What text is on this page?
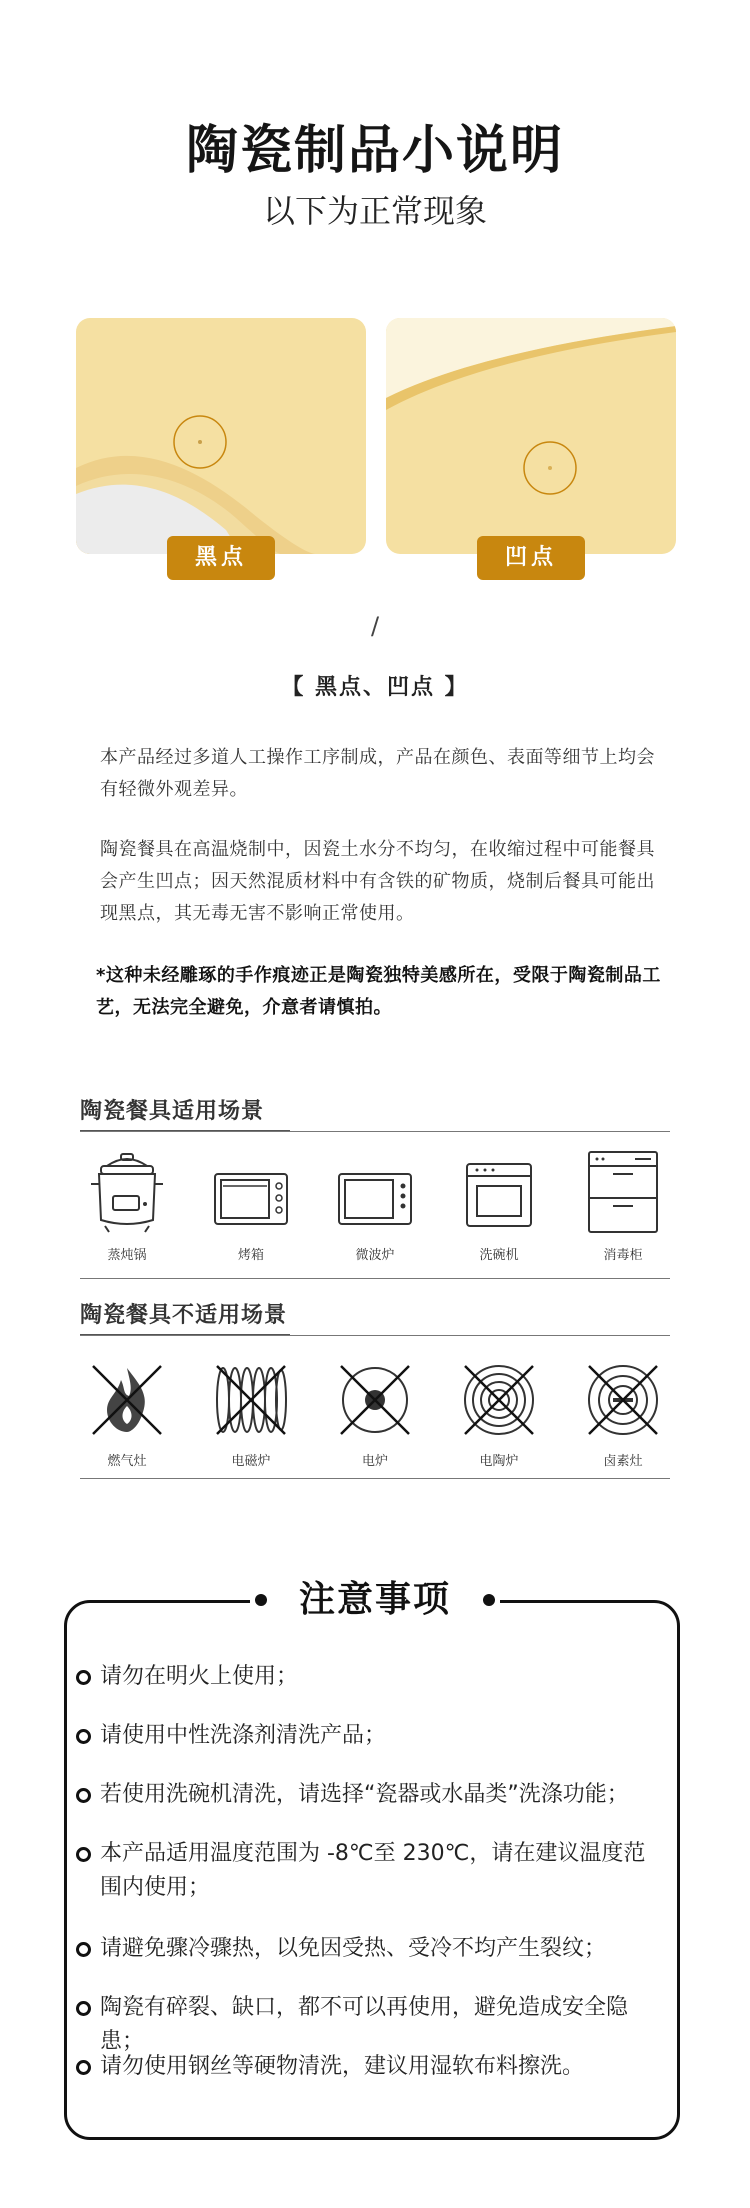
陶瓷制品小说明
以下为正常现象
黑点	凹点
/
【 黑点、凹点 】
本产品经过多道人工操作工序制成，产品在颜色、表面等细节上均会有轻微外观差异。
陶瓷餐具在高温烧制中，因瓷土水分不均匀，在收缩过程中可能餐具会产生凹点；因天然混质材料中有含铁的矿物质，烧制后餐具可能出现黑点，其无毒无害不影响正常使用。
*这种未经雕琢的手作痕迹正是陶瓷独特美感所在，受限于陶瓷制品工艺，无法完全避免，介意者请慎拍。
陶瓷餐具适用场景
蒸炖锅	烤箱	微波炉	洗碗机	消毒柜
陶瓷餐具不适用场景
燃气灶	电磁炉	电炉	电陶炉	卤素灶
注意事项
请勿在明火上使用；
请使用中性洗涤剂清洗产品；
若使用洗碗机清洗，请选择“瓷器或水晶类”洗涤功能；
本产品适用温度范围为 -8℃至 230℃，请在建议温度范围内使用；
请避免骤冷骤热，以免因受热、受冷不均产生裂纹；
陶瓷有碎裂、缺口，都不可以再使用，避免造成安全隐患；
请勿使用钢丝等硬物清洗，建议用湿软布料擦洗。
